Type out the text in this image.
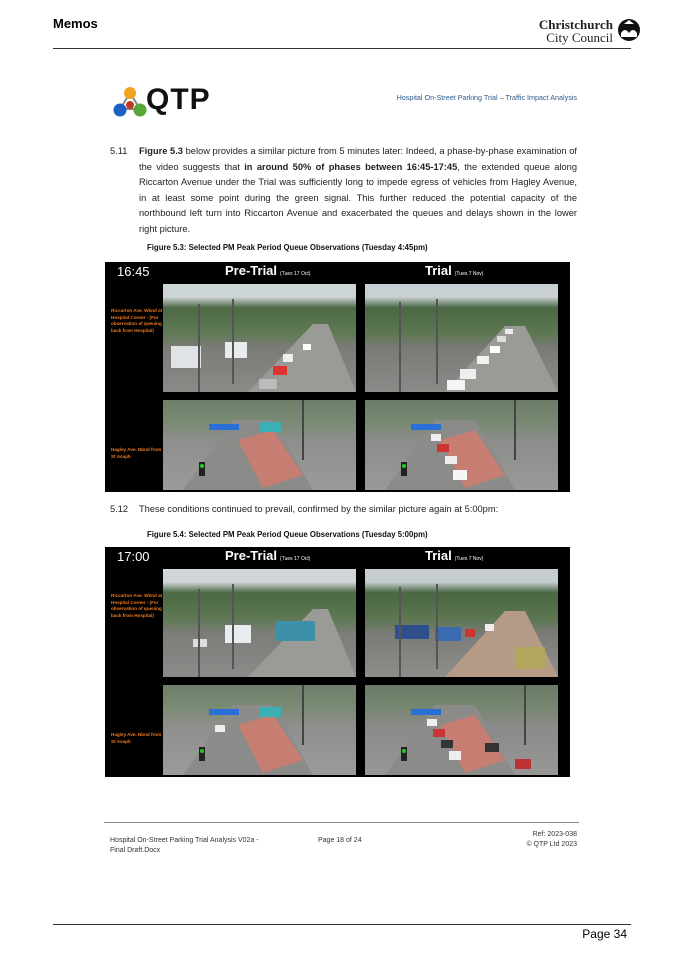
Memos	Christchurch
City Council
QTP	Hospital On-Street Parking Trial – Traffic Impact Analysis
5.11 Figure 5.3 below provides a similar picture from 5 minutes later: Indeed, a phase-by-phase examination of the video suggests that in around 50% of phases between 16:45-17:45, the extended queue along Riccarton Avenue under the Trial was sufficiently long to impede egress of vehicles from Hagley Avenue, in at least some point during the green signal. This further reduced the potential capacity of the northbound left turn into Riccarton Avenue and exacerbated the queues and delays shown in the lower right picture.
Figure 5.3: Selected PM Peak Period Queue Observations (Tuesday 4:45pm)
16:45	Pre-Trial (Tues 17 Oct)	Trial (Tues 7 Nov)
Riccarton Ave. Wbnd at Hospital Corner - (For observation of queuing back from Hospital)
Hagley Ave. Nbnd from St Asaph
5.12 These conditions continued to prevail, confirmed by the similar picture again at 5:00pm:
Figure 5.4: Selected PM Peak Period Queue Observations (Tuesday 5:00pm)
17:00	Pre-Trial (Tues 17 Oct)	Trial (Tues 7 Nov)
Riccarton Ave. Wbnd at Hospital Corner - (For observation of queuing back from Hospital)
Hagley Ave. Nbnd from St Asaph
Hospital On-Street Parking Trial Analysis V02a -
Final Draft.Docx
Page 18 of 24
Ref: 2023-038
© QTP Ltd 2023
Page 34
